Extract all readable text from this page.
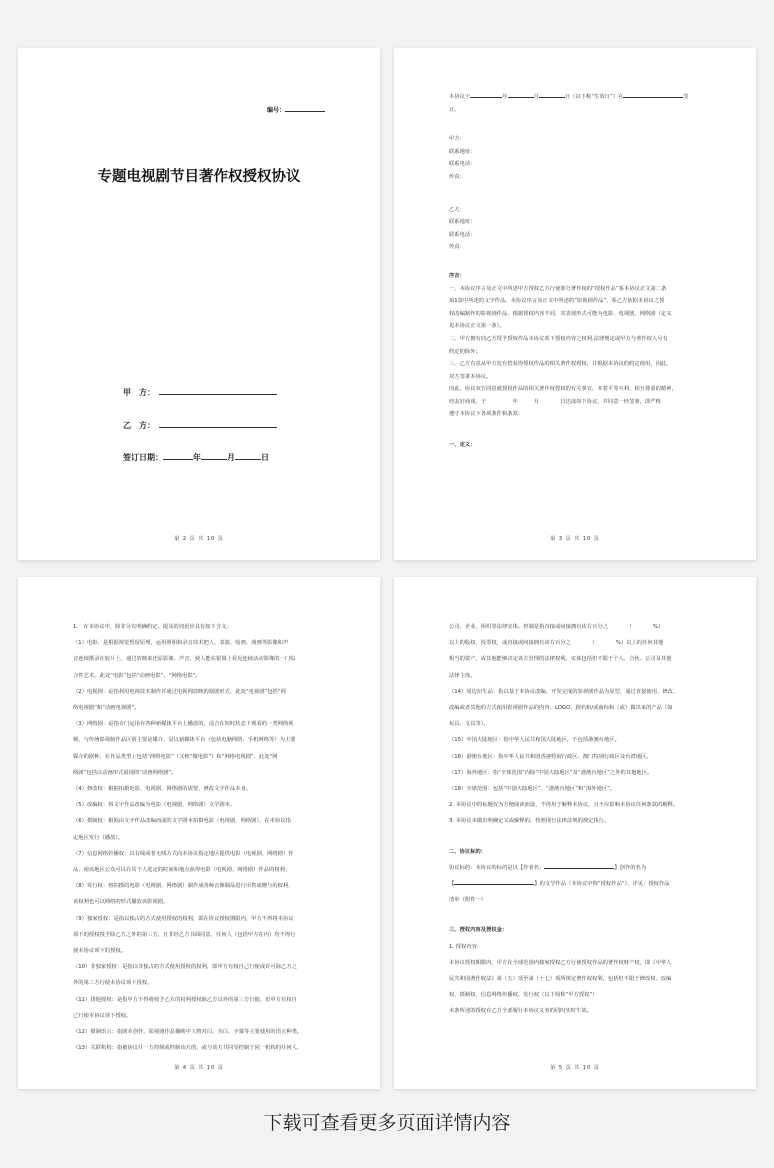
编号：
专题电视剧节目著作权授权协议
甲　方：
乙　方：
签订日期：	年	月	日
第 2 页 共 10 页

本协议于	年	月	日（以下称“生效日”）在	签

订。

甲方：

联系地址：

联系电话：

传真：

乙方：

联系地址：

联系电话：

传真：

序言：

一、本协议序言及正文中所述甲方授权乙方行使部分著作权的“授权作品”系本协议正文第二条

第1款中所述的文学作品。本协议序言及正文中所述的“影视剧作品”，系乙方依据本协议之授

权改编制作的影视剧作品，根据授权内容不同，其表现形式可能为电影、电视剧、网络剧（定义

见本协议正文第一条）。

二、甲方拥有向乙方授予授权作品本协议项下授权内容之权利,法律规定或甲方与著作权人另有

约定的除外;

三、乙方有意从甲方处有偿获得授权作品的相关著作权授权，并根据本协议的约定使用，因此，

双方签署本协议。

因此，协议双方同意就授权作品的相关著作权授权的有关事宜，本着平等互利、相互尊重的精神，

经友好商谈，于　　　　　年　　　月　　　　日达成如下协议，并同意一经签署，即严格

遵守本协议下各项条件和条款：

一、定义：

第 3 页 共 10 页

1.　在本协议中，除非另有明确约定，提及的词语应具有如下含义：

（1）电影：是根据视觉暂留原理，运用照相和录音技术把人、表演、绘画、漫画等影像和声

音连续摄录在胶片上，通过放映来还原影像、声音，使人能在银幕上看见连续活动影像的一门综

合性艺术，此处“电影”包括“动画电影”、“网络电影”。

（2）电视剧：是指利用电视技术制作并通过电视网放映的演剧形式，此处“电视剧”包括“网

络电视剧”和“动画电视剧”。

（3）网络剧：是指专门运用在各种新媒体平台上播放的，适合在短时状态下观看的一类网络视

频，与传统影视制作品区别主要是媒介，是以新媒体平台（包括电脑网络、手机网络等）为主要

媒介的剧种，在作品类型上包括“网络电影”（又称“微电影”）和“网络电视剧”，此处“网

络剧”包括以动画形式展现的“动画网络剧”。

（4）修改权：根据拍摄电影、电视剧、网络剧的需要，修改文字作品本身。

（5）改编权：将文字作品改编为电影（电视剧、网络剧）文学剧本。

（6）摄制权：根据由文字作品改编而成的文学剧本拍摄电影（电视剧、网络剧），在本协议指

定地区发行（播放）。

（7）信息网络传播权：以有线或者无线方式向本协议指定地区提供电影（电视剧、网络剧）作

品，使该地区公众可以在其个人选定的时间和地点获得电影（电视剧、网络剧）作品的权利；

（8）发行权：将拍摄的电影（电视剧、网络剧）制作成各种音像制品进行出售或赠与的权利，

该权利也可以网络的形式播放该影视剧。

（9）独家授权：是指以独占的方式使用授权的权利，即在协议授权期限内，甲方不得将本协议

项下的授权授予除乙方之外的第三方，且非经乙方书面同意，任何人（包括甲方在内）均不得行

使本协议项下的授权。

（10）非独家授权：是指以非独占的方式使用授权的权利，即甲方有权自己行使或许可除乙方之

外的第三方行使本协议项下授权。

（11）排他授权：是指甲方不得将授予乙方的权利授权除乙方以外的第三方行使，但甲方有权自

己行使本协议项下授权。

（12）摄制语言：指剧本创作、影视剧作品播映中人物对白、旁白、字幕等主要使用的语言种类。

（13）关联机构：指被协议任一方控制或控制该方的，或与该方共同受控制于同一机构的任何人、

第 4 页 共 10 页

公司、企业、组织等法律实体。控制是指直接或间接拥有该方百分之　　　　（　　　　%）

以上的股权、投票权，或直接或间接拥有该方百分之　　　　（　　　　%）以上的任何其他

相当的资产，或其他能够决定该方管理的法律权利。实体包括但不限于个人、合伙、公司及其他

法律主体。

（14）周边衍生品：指以基于本协议改编、开发完成的影视剧作品为原型，通过直接使用、修改、

改编或者其他的方式使用影视剧作品的内容、LOGO、剧名和/或商标和（或）做出来的产品（如

玩具、文具等）。

（15）中国大陆地区：指中华人民共和国大陆地区，不包括港澳台地区。

（16）港澳台地区：指中华人民共和国香港特别行政区、澳门特别行政区及台湾地区。

（17）海外地区：指“全球范围”内除“中国大陆地区”及“港澳台地区”之外的其他地区。

（18）全球范围：包括“中国大陆地区”、“港澳台地区”和“海外地区”。

2. 本协议中的标题仅为方便阅读而设，不得用于解释本协议，且不应影响本协议任何条款的解释。

3. 本协议未做出明确定义或解释的，按照现行法律法规的规定执行。

二、协议标的：

协议标的：本协议的标的是以【作者名：	】创作的名为

【	】的文学作品（本协议中称“授权作品”）、详见：授权作品

清单（附件一）

三、授权内容及授权金：

1. 授权内容：

本协议授权期限内，甲方在全球范围内独家授权乙方行使授权作品的著作权财产权，即《中华人

民共和国著作权法》第（五）项至第（十七）项所规定著作权权利，包括但不限于修改权、改编

权、摄制权、信息网络传播权、发行权（以下简称“甲方授权”）

本条所述的授权在乙方全部履行本协议义务的同时实时生效。

第 5 页 共 10 页
下载可查看更多页面详情内容
